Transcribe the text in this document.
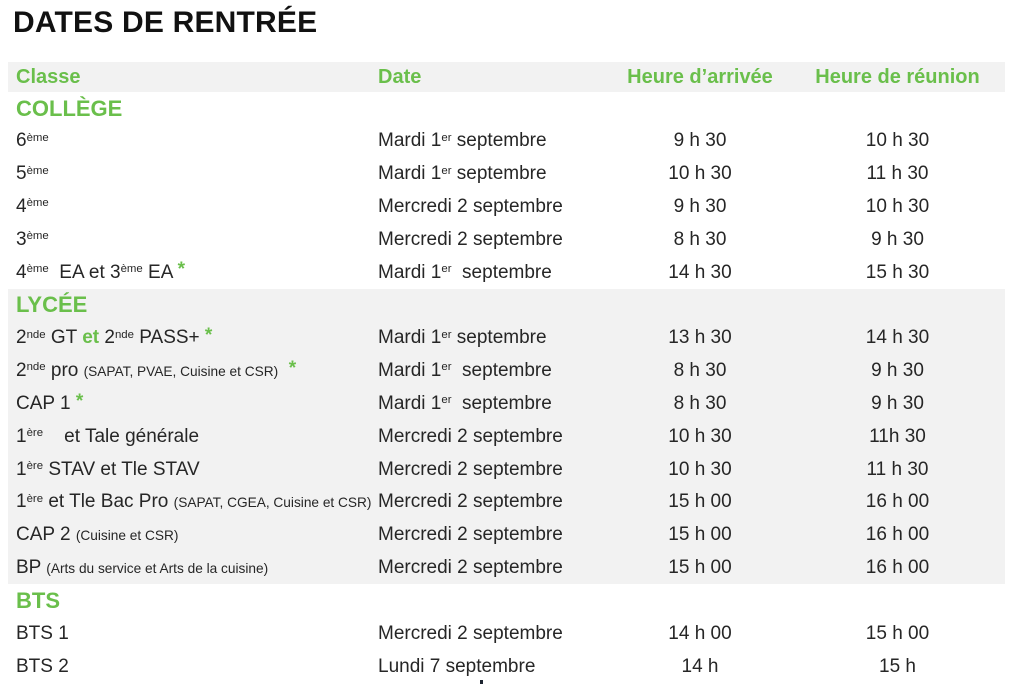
DATES DE RENTRÉE
Classe	Date	Heure d’arrivée	Heure de réunion
COLLÈGE
6ème	Mardi 1er septembre	9 h 30	10 h 30
5ème	Mardi 1er septembre	10 h 30	11 h 30
4ème	Mercredi 2 septembre	9 h 30	10 h 30
3ème	Mercredi 2 septembre	8 h 30	9 h 30
4ème  EA et 3ème EA *	Mardi 1er  septembre	14 h 30	15 h 30
LYCÉE
2nde GT et 2nde PASS+ *	Mardi 1er septembre	13 h 30	14 h 30
2nde pro (SAPAT, PVAE, Cuisine et CSR) *	Mardi 1er  septembre	8 h 30	9 h 30
CAP 1 *	Mardi 1er  septembre	8 h 30	9 h 30
1ère    et Tale générale	Mercredi 2 septembre	10 h 30	11h 30
1ère STAV et Tle STAV	Mercredi 2 septembre	10 h 30	11 h 30
1ère et Tle Bac Pro (SAPAT, CGEA, Cuisine et CSR) Mercredi 2 septembre	15 h 00	16 h 00
CAP 2 (Cuisine et CSR)	Mercredi 2 septembre	15 h 00	16 h 00
BP (Arts du service et Arts de la cuisine)	Mercredi 2 septembre	15 h 00	16 h 00
BTS
BTS 1	Mercredi 2 septembre	14 h 00	15 h 00
BTS 2	Lundi 7 septembre	14 h	15 h
